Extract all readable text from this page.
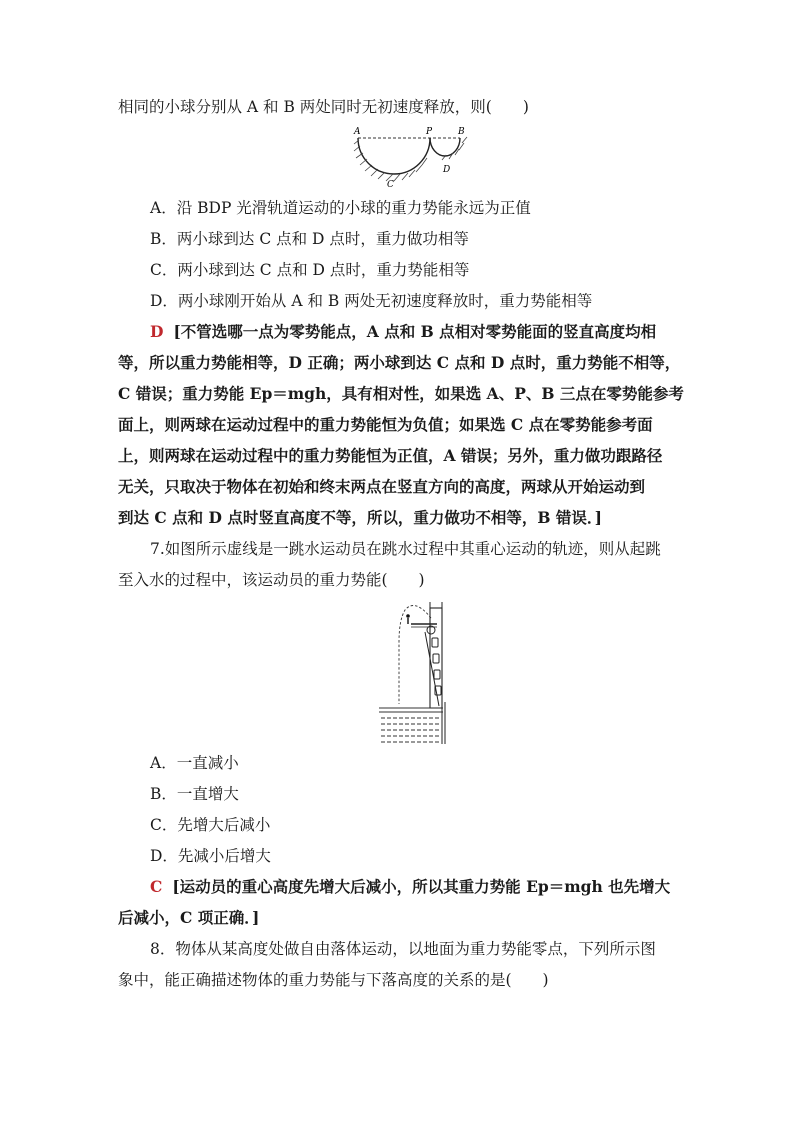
相同的小球分别从 A 和 B 两处同时无初速度释放，则(　　)
A	P	B
C
D
A．沿 BDP 光滑轨道运动的小球的重力势能永远为正值
B．两小球到达 C 点和 D 点时，重力做功相等
C．两小球到达 C 点和 D 点时，重力势能相等
D．两小球刚开始从 A 和 B 两处无初速度释放时，重力势能相等
D [不管选哪一点为零势能点，A 点和 B 点相对零势能面的竖直高度均相
等，所以重力势能相等，D 正确；两小球到达 C 点和 D 点时，重力势能不相等，
C 错误；重力势能 Ep＝mgh，具有相对性，如果选 A、P、B 三点在零势能参考
面上，则两球在运动过程中的重力势能恒为负值；如果选 C 点在零势能参考面
上，则两球在运动过程中的重力势能恒为正值，A 错误；另外，重力做功跟路径
无关，只取决于物体在初始和终末两点在竖直方向的高度，两球从开始运动到
到达 C 点和 D 点时竖直高度不等，所以，重力做功不相等，B 错误．]
7.如图所示虚线是一跳水运动员在跳水过程中其重心运动的轨迹，则从起跳
至入水的过程中，该运动员的重力势能(　　)
A．一直减小
B．一直增大
C．先增大后减小
D．先减小后增大
C [运动员的重心高度先增大后减小，所以其重力势能 Ep＝mgh 也先增大
后减小，C 项正确．]
8．物体从某高度处做自由落体运动，以地面为重力势能零点，下列所示图
象中，能正确描述物体的重力势能与下落高度的关系的是(　　)
